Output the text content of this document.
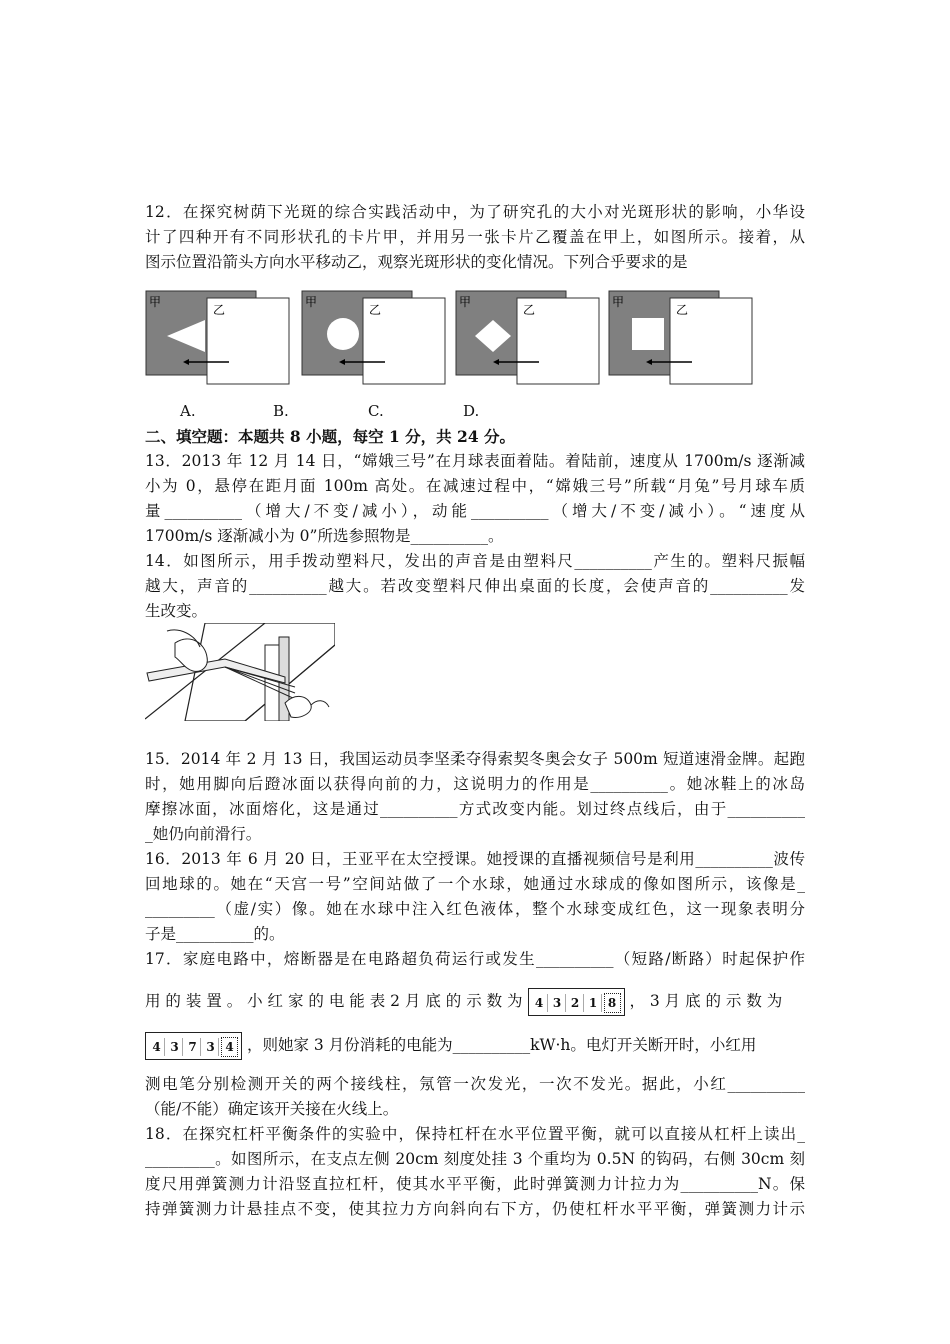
12．在探究树荫下光斑的综合实践活动中，为了研究孔的大小对光斑形状的影响，小华设
计了四种开有不同形状孔的卡片甲，并用另一张卡片乙覆盖在甲上，如图所示。接着，从
图示位置沿箭头方向水平移动乙，观察光斑形状的变化情况。下列合乎要求的是
甲
乙
甲
乙
甲
乙
甲
乙
A.	B.	C.	D.
二、填空题：本题共 8 小题，每空 1 分，共 24 分。
13．2013 年 12 月 14 日，“嫦娥三号”在月球表面着陆。着陆前，速度从 1700m/s 逐渐减
小为 0，悬停在距月面 100m 高处。在减速过程中，“嫦娥三号”所载“月兔”号月球车质
量__________（增大/不变/减小），动能__________（增大/不变/减小）。“速度从
1700m/s 逐渐减小为 0”所选参照物是__________。
14．如图所示，用手拨动塑料尺，发出的声音是由塑料尺__________产生的。塑料尺振幅
越大，声音的__________越大。若改变塑料尺伸出桌面的长度，会使声音的__________发
生改变。
15．2014 年 2 月 13 日，我国运动员李坚柔夺得索契冬奥会女子 500m 短道速滑金牌。起跑
时，她用脚向后蹬冰面以获得向前的力，这说明力的作用是__________。她冰鞋上的冰岛
摩擦冰面，冰面熔化，这是通过__________方式改变内能。划过终点线后，由于__________
_她仍向前滑行。
16．2013 年 6 月 20 日，王亚平在太空授课。她授课的直播视频信号是利用__________波传
回地球的。她在“天宫一号”空间站做了一个水球，她通过水球成的像如图所示，该像是_
_________（虚/实）像。她在水球中注入红色液体，整个水球变成红色，这一现象表明分
子是__________的。
17．家庭电路中，熔断器是在电路超负荷运行或发生__________（短路/断路）时起保护作
用 的 装 置 。 小 红 家 的 电 能 表 2 月 底 的 示 数 为 4 3 2 1 8 ， 3 月 底 的 示 数 为
4 3 7 3 4 ，则她家 3 月份消耗的电能为__________kW·h。电灯开关断开时，小红用
测电笔分别检测开关的两个接线柱，氖管一次发光，一次不发光。据此，小红__________
（能/不能）确定该开关接在火线上。
18．在探究杠杆平衡条件的实验中，保持杠杆在水平位置平衡，就可以直接从杠杆上读出_
_________。如图所示，在支点左侧 20cm 刻度处挂 3 个重均为 0.5N 的钩码，右侧 30cm 刻
度尺用弹簧测力计沿竖直拉杠杆，使其水平平衡，此时弹簧测力计拉力为__________N。保
持弹簧测力计悬挂点不变，使其拉力方向斜向右下方，仍使杠杆水平平衡，弹簧测力计示
